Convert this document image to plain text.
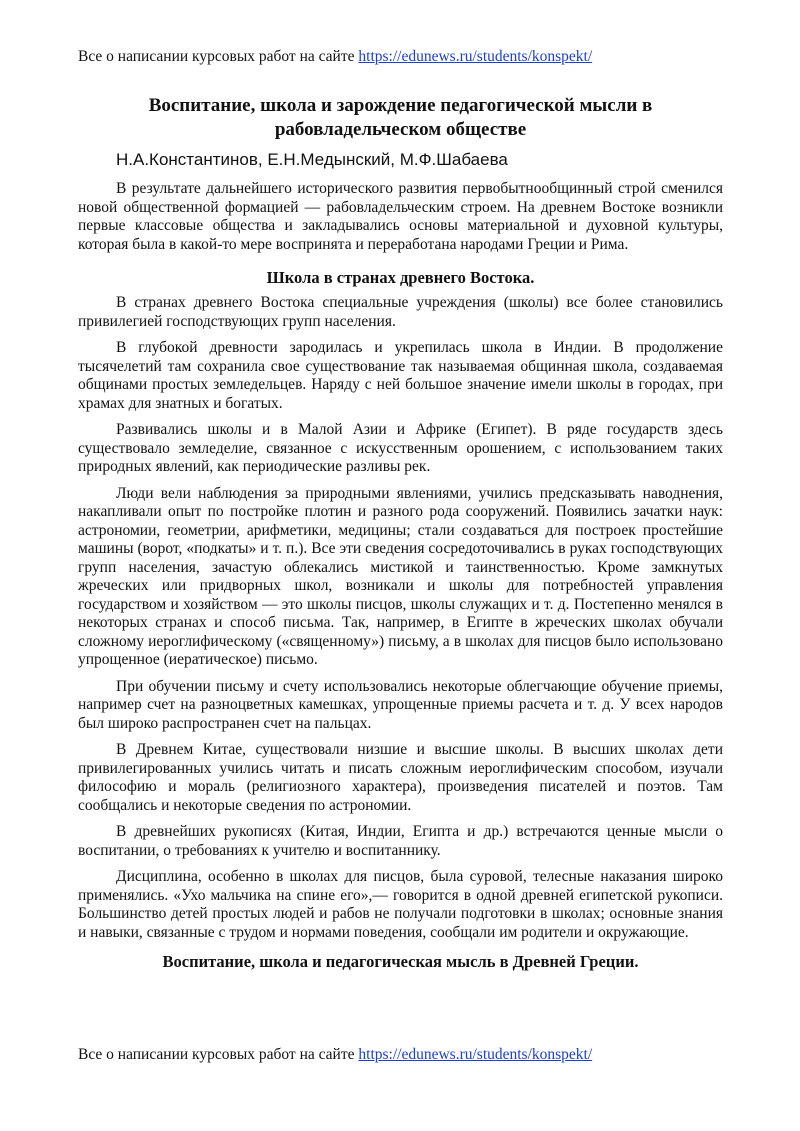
Все о написании курсовых работ на сайте https://edunews.ru/students/konspekt/
Воспитание, школа и зарождение педагогической мысли в рабовладельческом обществе
Н.А.Константинов, Е.Н.Медынский, М.Ф.Шабаева

В результате дальнейшего исторического развития первобытнообщинный строй сменился новой общественной формацией — рабовладельческим строем. На древнем Востоке возникли первые классовые общества и закладывались основы материальной и духовной культуры, которая была в какой-то мере воспринята и переработана народами Греции и Рима.

Школа в странах древнего Востока.

В странах древнего Востока специальные учреждения (школы) все более становились привилегией господствующих групп населения.

В глубокой древности зародилась и укрепилась школа в Индии. В продолжение тысячелетий там сохранила свое существование так называемая общинная школа, создаваемая общинами простых земледельцев. Наряду с ней большое значение имели школы в городах, при храмах для знатных и богатых.

Развивались школы и в Малой Азии и Африке (Египет). В ряде государств здесь существовало земледелие, связанное с искусственным орошением, с использованием таких природных явлений, как периодические разливы рек.

Люди вели наблюдения за природными явлениями, учились предсказывать наводнения, накапливали опыт по постройке плотин и разного рода сооружений. Появились зачатки наук: астрономии, геометрии, арифметики, медицины; стали создаваться для построек простейшие машины (ворот, «подкаты» и т. п.). Все эти сведения сосредоточивались в руках господствующих групп населения, зачастую облекались мистикой и таинственностью. Кроме замкнутых жреческих или придворных школ, возникали и школы для потребностей управления государством и хозяйством — это школы писцов, школы служащих и т. д. Постепенно менялся в некоторых странах и способ письма. Так, например, в Египте в жреческих школах обучали сложному иероглифическому («священному») письму, а в школах для писцов было использовано упрощенное (иератическое) письмо.

При обучении письму и счету использовались некоторые облегчающие обучение приемы, например счет на разноцветных камешках, упрощенные приемы расчета и т. д. У всех народов был широко распространен счет на пальцах.

В Древнем Китае, существовали низшие и высшие школы. В высших школах дети привилегированных учились читать и писать сложным иероглифическим способом, изучали философию и мораль (религиозного характера), произведения писателей и поэтов. Там сообщались и некоторые сведения по астрономии.

В древнейших рукописях (Китая, Индии, Египта и др.) встречаются ценные мысли о воспитании, о требованиях к учителю и воспитаннику.

Дисциплина, особенно в школах для писцов, была суровой, телесные наказания широко применялись. «Ухо мальчика на спине его»,— говорится в одной древней египетской рукописи. Большинство детей простых людей и рабов не получали подготовки в школах; основные знания и навыки, связанные с трудом и нормами поведения, сообщали им родители и окружающие.

Воспитание, школа и педагогическая мысль в Древней Греции.
Все о написании курсовых работ на сайте https://edunews.ru/students/konspekt/
